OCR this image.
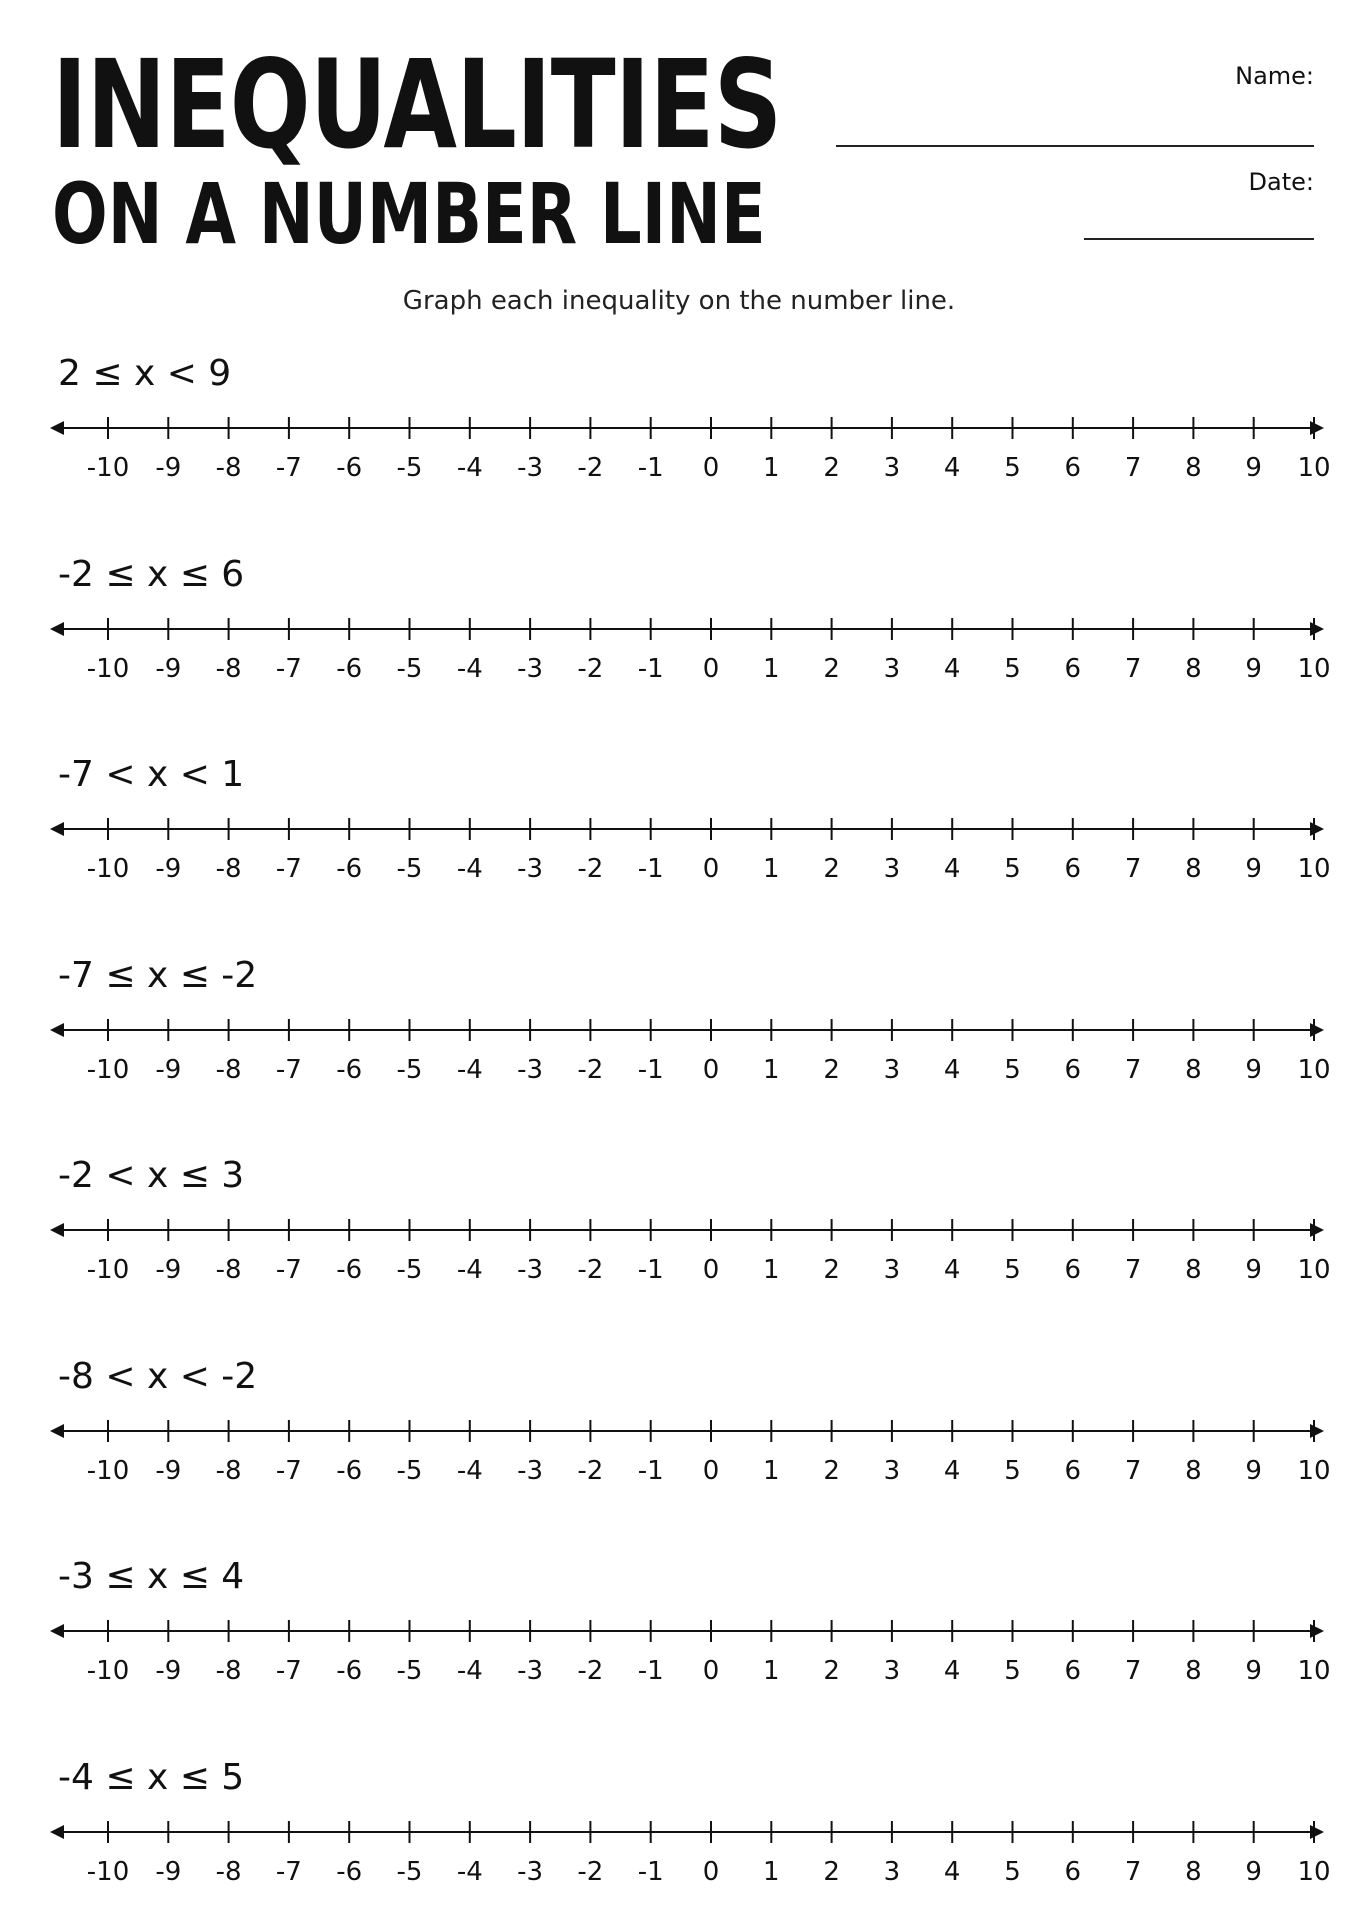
INEQUALITIES
ON A NUMBER LINE
Name:
Date:
Graph each inequality on the number line.
2 ≤ x < 9
-10 -9 -8 -7 -6 -5 -4 -3 -2 -1 0 1 2 3 4 5 6 7 8 9 10
-2 ≤ x ≤ 6
-10 -9 -8 -7 -6 -5 -4 -3 -2 -1 0 1 2 3 4 5 6 7 8 9 10
-7 < x < 1
-10 -9 -8 -7 -6 -5 -4 -3 -2 -1 0 1 2 3 4 5 6 7 8 9 10
-7 ≤ x ≤ -2
-10 -9 -8 -7 -6 -5 -4 -3 -2 -1 0 1 2 3 4 5 6 7 8 9 10
-2 < x ≤ 3
-10 -9 -8 -7 -6 -5 -4 -3 -2 -1 0 1 2 3 4 5 6 7 8 9 10
-8 < x < -2
-10 -9 -8 -7 -6 -5 -4 -3 -2 -1 0 1 2 3 4 5 6 7 8 9 10
-3 ≤ x ≤ 4
-10 -9 -8 -7 -6 -5 -4 -3 -2 -1 0 1 2 3 4 5 6 7 8 9 10
-4 ≤ x ≤ 5
-10 -9 -8 -7 -6 -5 -4 -3 -2 -1 0 1 2 3 4 5 6 7 8 9 10
